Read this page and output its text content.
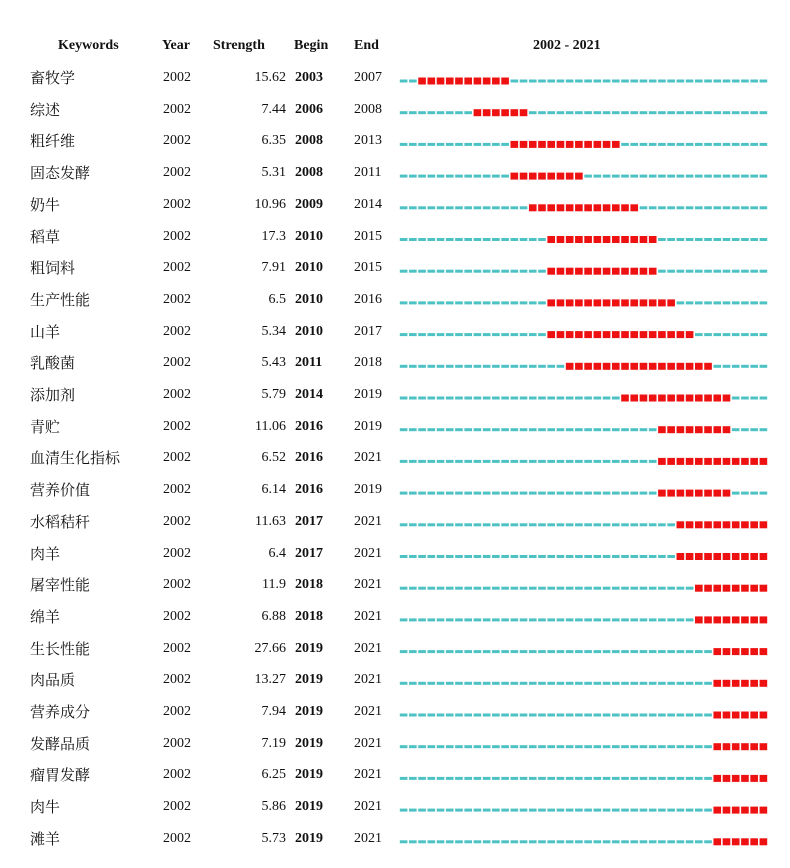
Keywords	Year Strength Begin End	2002 - 2021
畜牧学	2002	15.62 2003 2007
综述	2002	7.44 2006 2008
粗纤维	2002	6.35 2008 2013
固态发酵	2002	5.31 2008 2011
奶牛	2002	10.96 2009 2014
稻草	2002	17.3 2010 2015
粗饲料	2002	7.91 2010 2015
生产性能	2002	6.5 2010 2016
山羊	2002	5.34 2010 2017
乳酸菌	2002	5.43 2011 2018
添加剂	2002	5.79 2014 2019
青贮	2002	11.06 2016 2019
血清生化指标	2002	6.52 2016 2021
营养价值	2002	6.14 2016 2019
水稻秸秆	2002	11.63 2017 2021
肉羊	2002	6.4 2017 2021
屠宰性能	2002	11.9 2018 2021
绵羊	2002	6.88 2018 2021
生长性能	2002	27.66 2019 2021
肉品质	2002	13.27 2019 2021
营养成分	2002	7.94 2019 2021
发酵品质	2002	7.19 2019 2021
瘤胃发酵	2002	6.25 2019 2021
肉牛	2002	5.86 2019 2021
滩羊	2002	5.73 2019 2021
